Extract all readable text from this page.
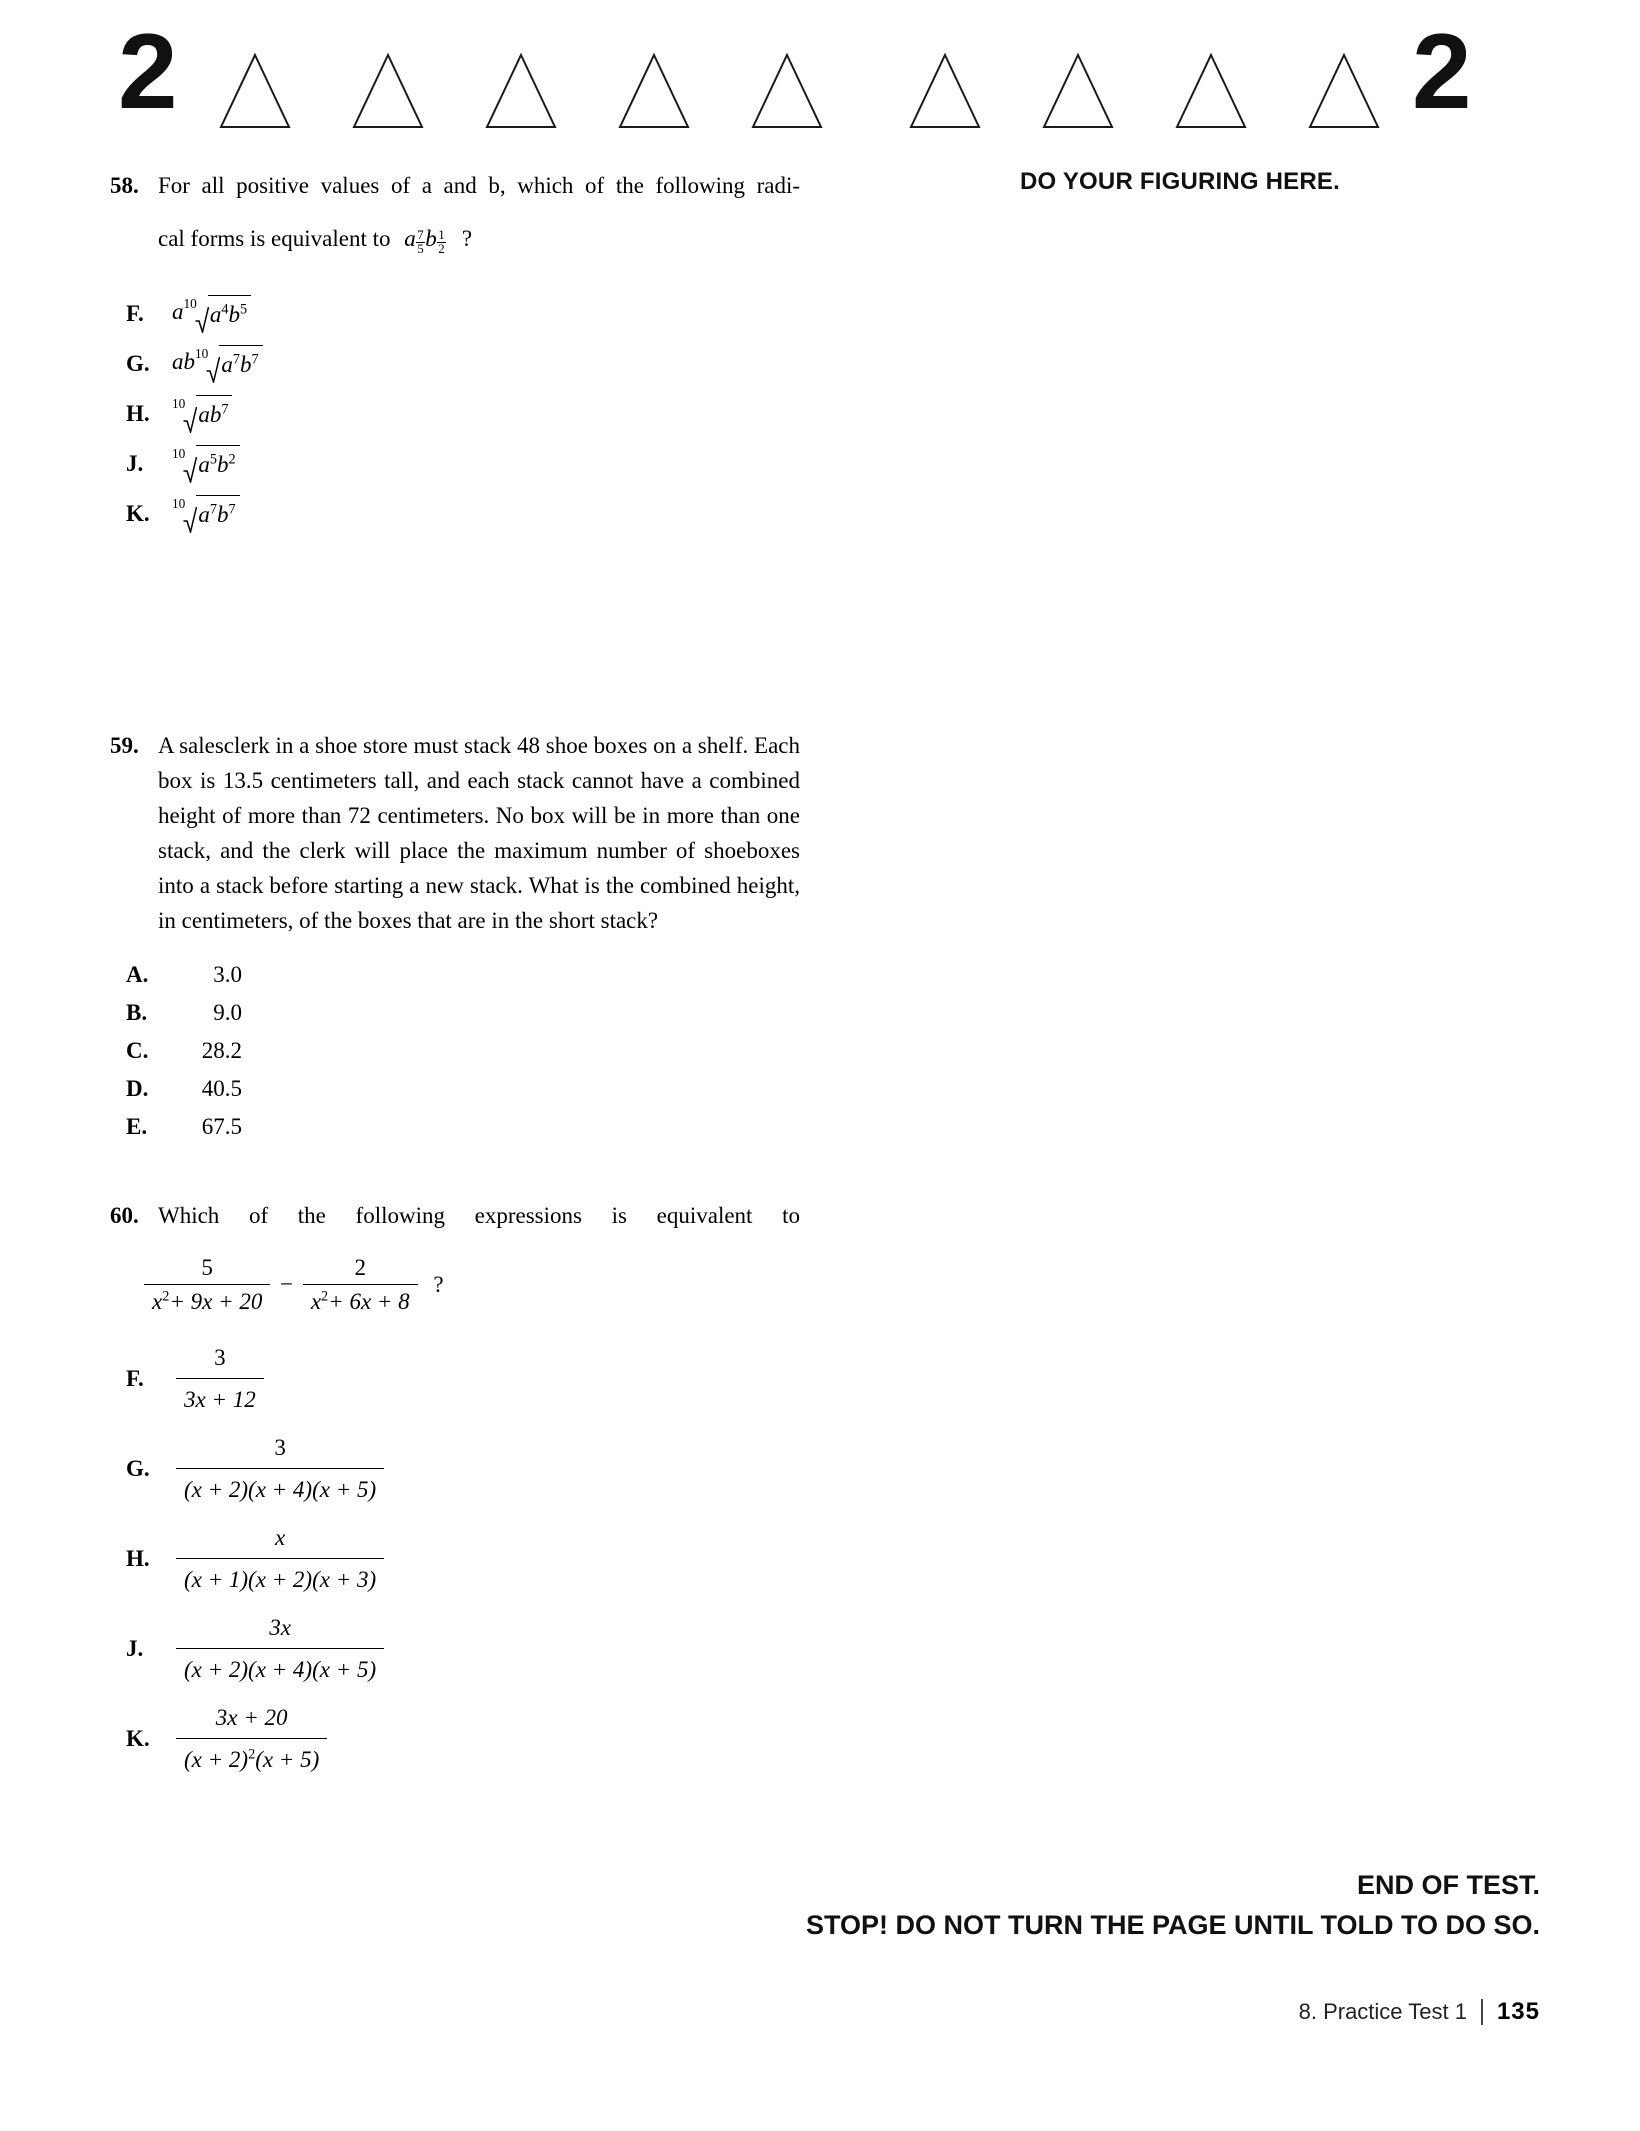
2	2
DO YOUR FIGURING HERE.
58. For all positive values of a and b, which of the following radi-
cal forms is equivalent to a $\frac{7}{5}$ b $\frac{1}{2}$ ?
F.	a 10 $a^4b^5$
G. ab 10 $a^7b^7$
H.	10 $ab^7$
J.	10 $a^5b^2$
K.	10 $a^7b^7$
59. A salesclerk in a shoe store must stack 48 shoe boxes on a shelf. Each box is 13.5 centimeters tall, and each stack cannot have a combined height of more than 72 centimeters. No box will be in more than one stack, and the clerk will place the maximum number of shoeboxes into a stack before starting a new stack. What is the combined height, in centimeters, of the boxes that are in the short stack?
A.	3.0
B.	9.0
C.	28.2
D.	40.5
E.	67.5
60. Which of the following expressions is equivalent to
$\frac{5}{x^2+ 9x + 20} - \frac{2}{x^2+ 6x + 8}$ ?
F.	$\frac{3}{3x + 12}$
G.	$\frac{3}{(x + 2)(x + 4)(x + 5)}$
H.	$\frac{x}{(x + 1)(x + 2)(x + 3)}$
J.	$\frac{3x}{(x + 2)(x + 4)(x + 5)}$
K.	$\frac{3x + 20}{(x + 2)^2(x + 5)}$
END OF TEST.
STOP! DO NOT TURN THE PAGE UNTIL TOLD TO DO SO.
8. Practice Test 1 135
